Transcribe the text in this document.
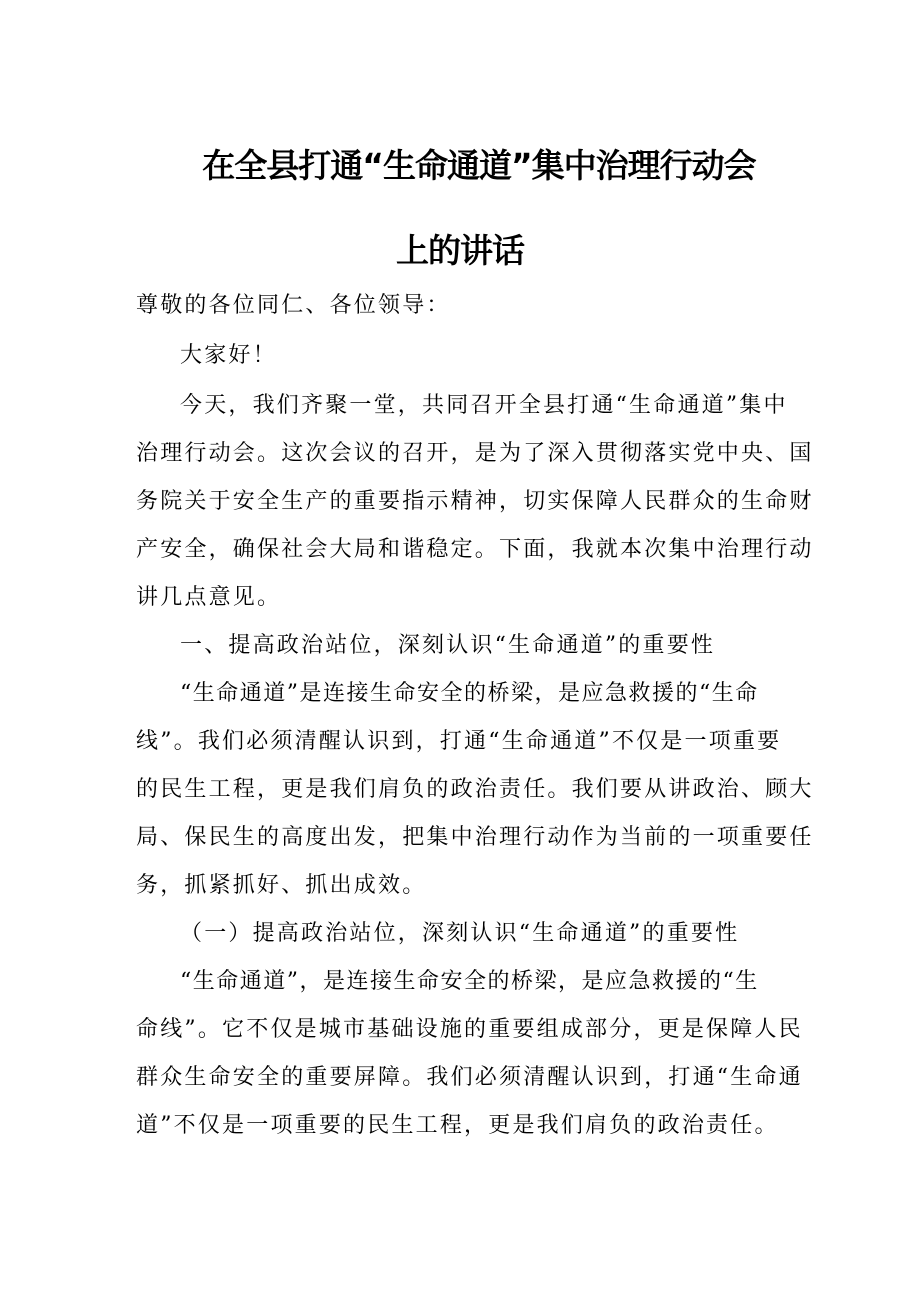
在全县打通“生命通道”集中治理行动会
上的讲话
尊敬的各位同仁、各位领导：
大家好！
今天，我们齐聚一堂，共同召开全县打通“生命通道”集中
治理行动会。这次会议的召开，是为了深入贯彻落实党中央、国
务院关于安全生产的重要指示精神，切实保障人民群众的生命财
产安全，确保社会大局和谐稳定。下面，我就本次集中治理行动
讲几点意见。
一、提高政治站位，深刻认识“生命通道”的重要性
“生命通道”是连接生命安全的桥梁，是应急救援的“生命
线”。我们必须清醒认识到，打通“生命通道”不仅是一项重要
的民生工程，更是我们肩负的政治责任。我们要从讲政治、顾大
局、保民生的高度出发，把集中治理行动作为当前的一项重要任
务，抓紧抓好、抓出成效。
（一）提高政治站位，深刻认识“生命通道”的重要性
“生命通道”，是连接生命安全的桥梁，是应急救援的“生
命线”。它不仅是城市基础设施的重要组成部分，更是保障人民
群众生命安全的重要屏障。我们必须清醒认识到，打通“生命通
道”不仅是一项重要的民生工程，更是我们肩负的政治责任。
